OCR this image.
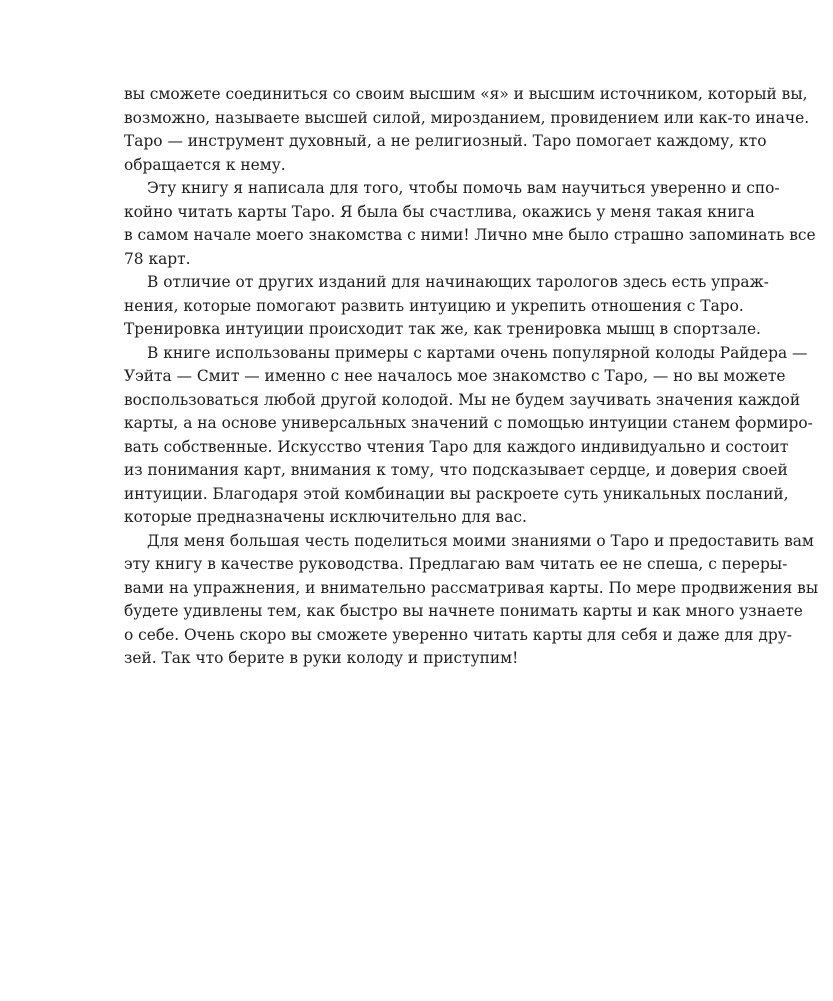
вы сможете соединиться со своим высшим «я» и высшим источником, который вы,
возможно, называете высшей силой, мирозданием, провидением или как-то иначе.
Таро — инструмент духовный, а не религиозный. Таро помогает каждому, кто
обращается к нему.
Эту книгу я написала для того, чтобы помочь вам научиться уверенно и спо-
койно читать карты Таро. Я была бы счастлива, окажись у меня такая книга
в самом начале моего знакомства с ними! Лично мне было страшно запоминать все
78 карт.
В отличие от других изданий для начинающих тарологов здесь есть упраж-
нения, которые помогают развить интуицию и укрепить отношения с Таро.
Тренировка интуиции происходит так же, как тренировка мышц в спортзале.
В книге использованы примеры с картами очень популярной колоды Райдера —
Уэйта — Смит — именно с нее началось мое знакомство с Таро, — но вы можете
воспользоваться любой другой колодой. Мы не будем заучивать значения каждой
карты, а на основе универсальных значений с помощью интуиции станем формиро-
вать собственные. Искусство чтения Таро для каждого индивидуально и состоит
из понимания карт, внимания к тому, что подсказывает сердце, и доверия своей
интуиции. Благодаря этой комбинации вы раскроете суть уникальных посланий,
которые предназначены исключительно для вас.
Для меня большая честь поделиться моими знаниями о Таро и предоставить вам
эту книгу в качестве руководства. Предлагаю вам читать ее не спеша, с переры-
вами на упражнения, и внимательно рассматривая карты. По мере продвижения вы
будете удивлены тем, как быстро вы начнете понимать карты и как много узнаете
о себе. Очень скоро вы сможете уверенно читать карты для себя и даже для дру-
зей. Так что берите в руки колоду и приступим!
